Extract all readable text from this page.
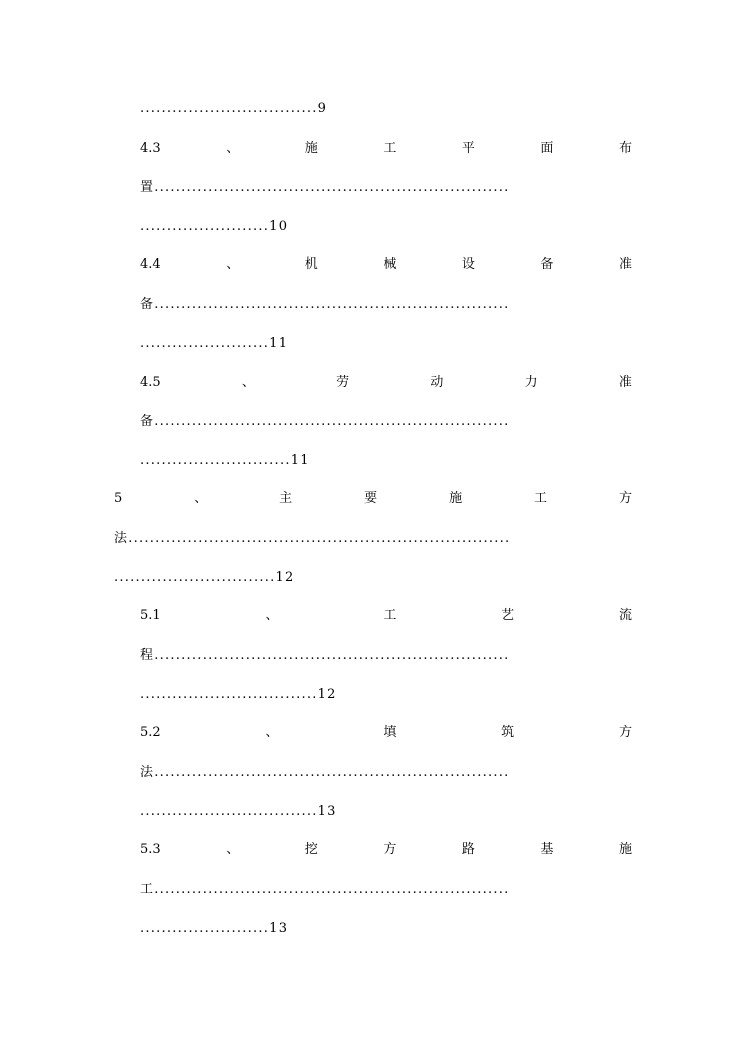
.................................9
4.3	、	施	工	平	面	布
置..................................................................
........................10
4.4	、	机	械	设	备	准
备..................................................................
........................11
4.5	、	劳	动	力	准
备..................................................................
............................11
5	、	主	要	施	工	方
法.......................................................................
..............................12
5.1	、	工	艺	流
程..................................................................
.................................12
5.2	、	填	筑	方
法..................................................................
.................................13
5.3	、	挖	方	路	基	施
工..................................................................
........................13
